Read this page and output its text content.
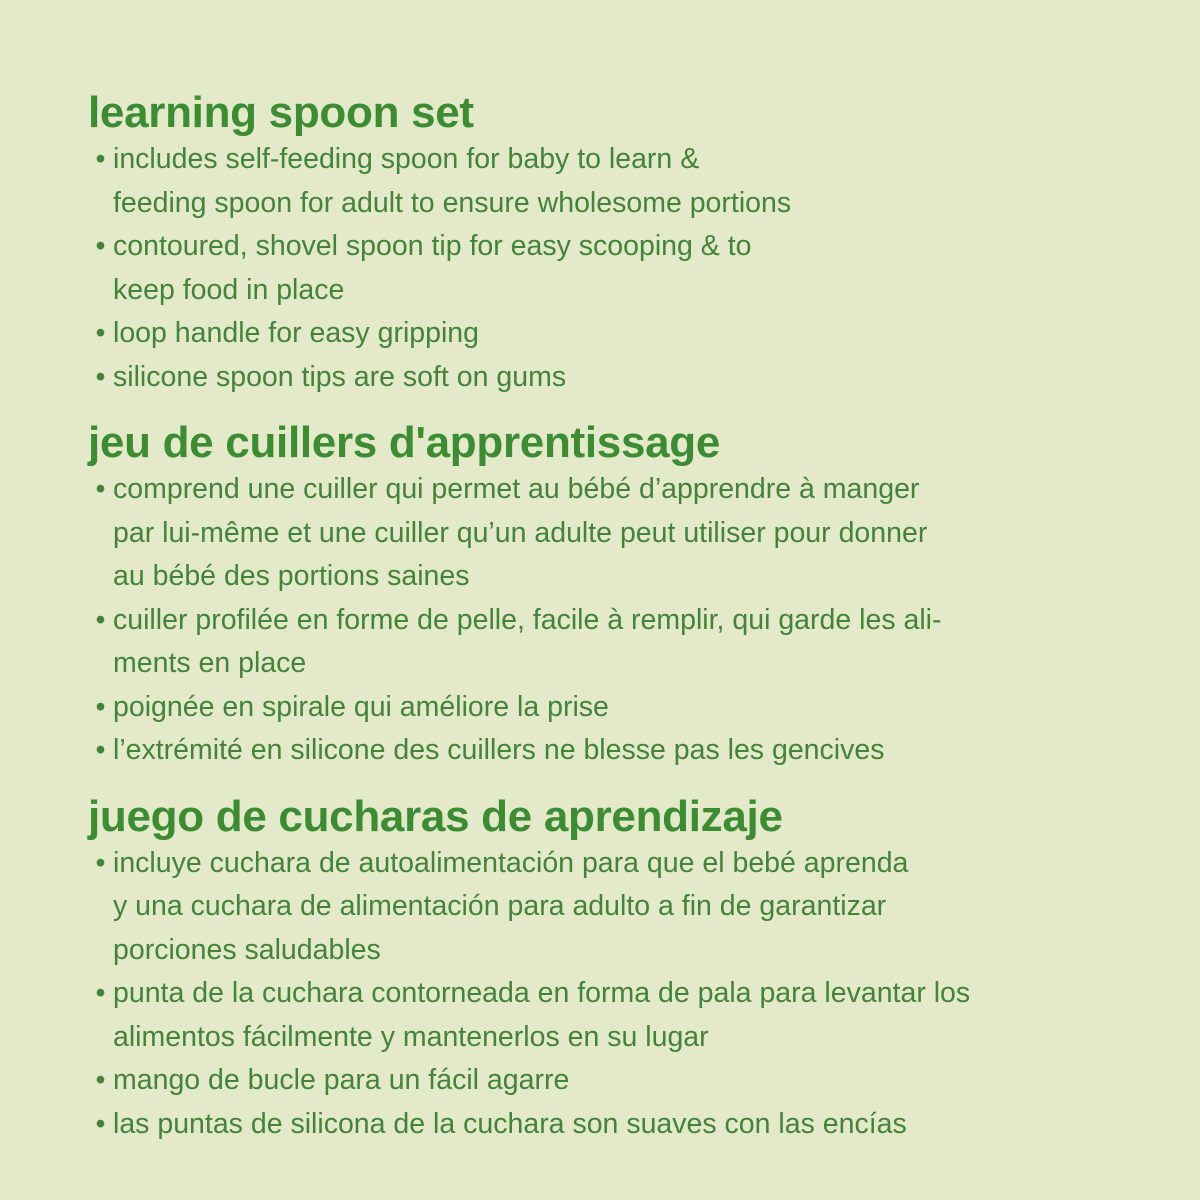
learning spoon set
• includes self-feeding spoon for baby to learn &
feeding spoon for adult to ensure wholesome portions
• contoured, shovel spoon tip for easy scooping & to
keep food in place
• loop handle for easy gripping
• silicone spoon tips are soft on gums
jeu de cuillers d'apprentissage
• comprend une cuiller qui permet au bébé d’apprendre à manger
par lui-même et une cuiller qu’un adulte peut utiliser pour donner
au bébé des portions saines
• cuiller profilée en forme de pelle, facile à remplir, qui garde les ali-
ments en place
• poignée en spirale qui améliore la prise
• l’extrémité en silicone des cuillers ne blesse pas les gencives
juego de cucharas de aprendizaje
• incluye cuchara de autoalimentación para que el bebé aprenda
y una cuchara de alimentación para adulto a fin de garantizar
porciones saludables
• punta de la cuchara contorneada en forma de pala para levantar los
alimentos fácilmente y mantenerlos en su lugar
• mango de bucle para un fácil agarre
• las puntas de silicona de la cuchara son suaves con las encías
